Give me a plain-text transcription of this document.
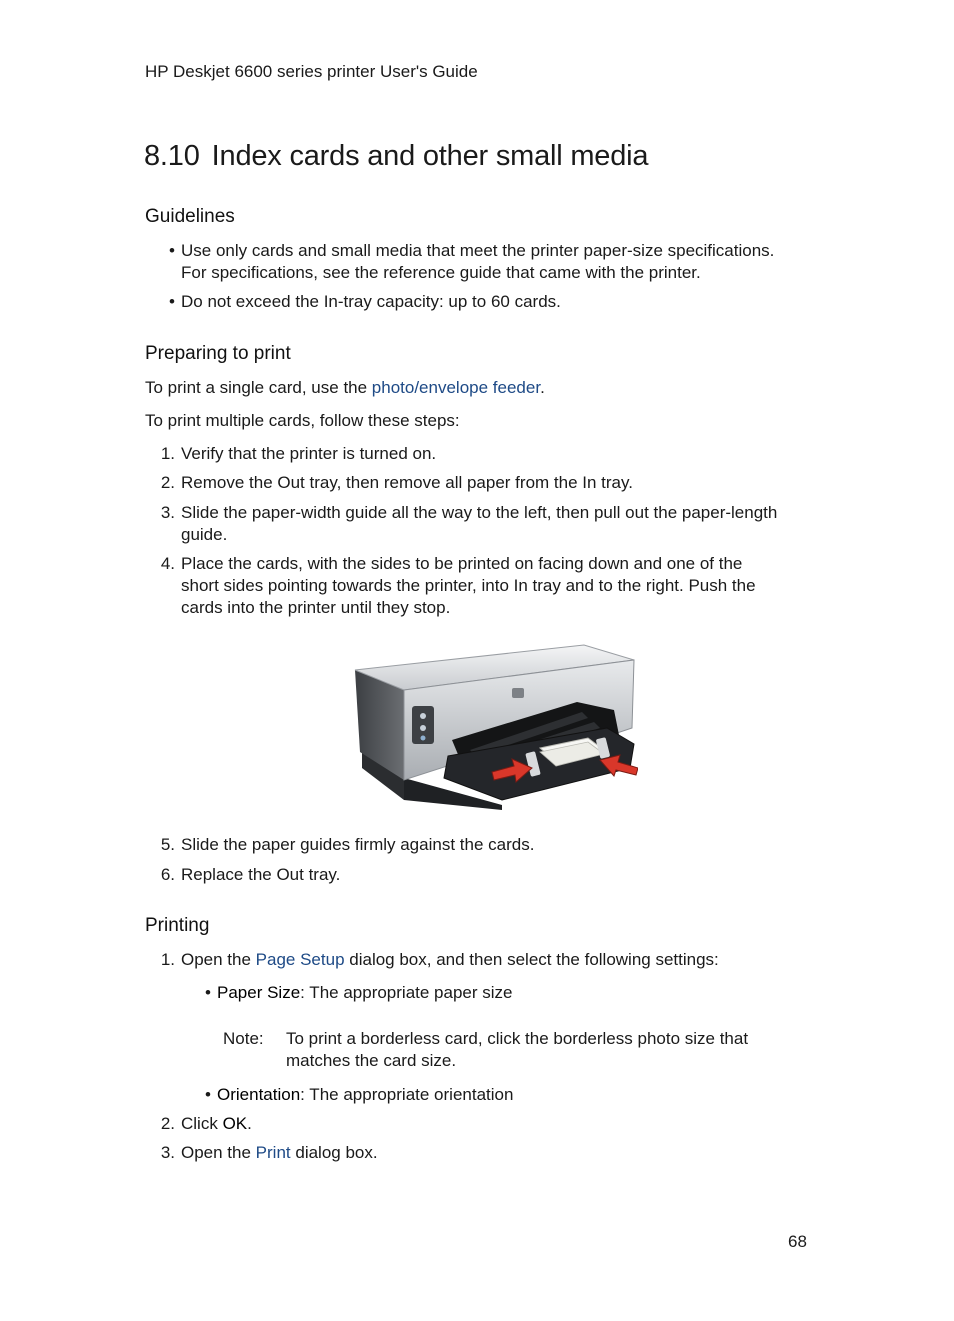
HP Deskjet 6600 series printer User's Guide
8.10 Index cards and other small media
Guidelines
• Use only cards and small media that meet the printer paper-size specifications.
For specifications, see the reference guide that came with the printer.
• Do not exceed the In-tray capacity: up to 60 cards.
Preparing to print
To print a single card, use the photo/envelope feeder.
To print multiple cards, follow these steps:
1. Verify that the printer is turned on.
2. Remove the Out tray, then remove all paper from the In tray.
3. Slide the paper-width guide all the way to the left, then pull out the paper-length
guide.
4. Place the cards, with the sides to be printed on facing down and one of the
short sides pointing towards the printer, into In tray and to the right. Push the
cards into the printer until they stop.
5. Slide the paper guides firmly against the cards.
6. Replace the Out tray.
Printing
1. Open the Page Setup dialog box, and then select the following settings:
• Paper Size: The appropriate paper size
Note:	To print a borderless card, click the borderless photo size that
matches the card size.
• Orientation: The appropriate orientation
2. Click OK.
3. Open the Print dialog box.
68
